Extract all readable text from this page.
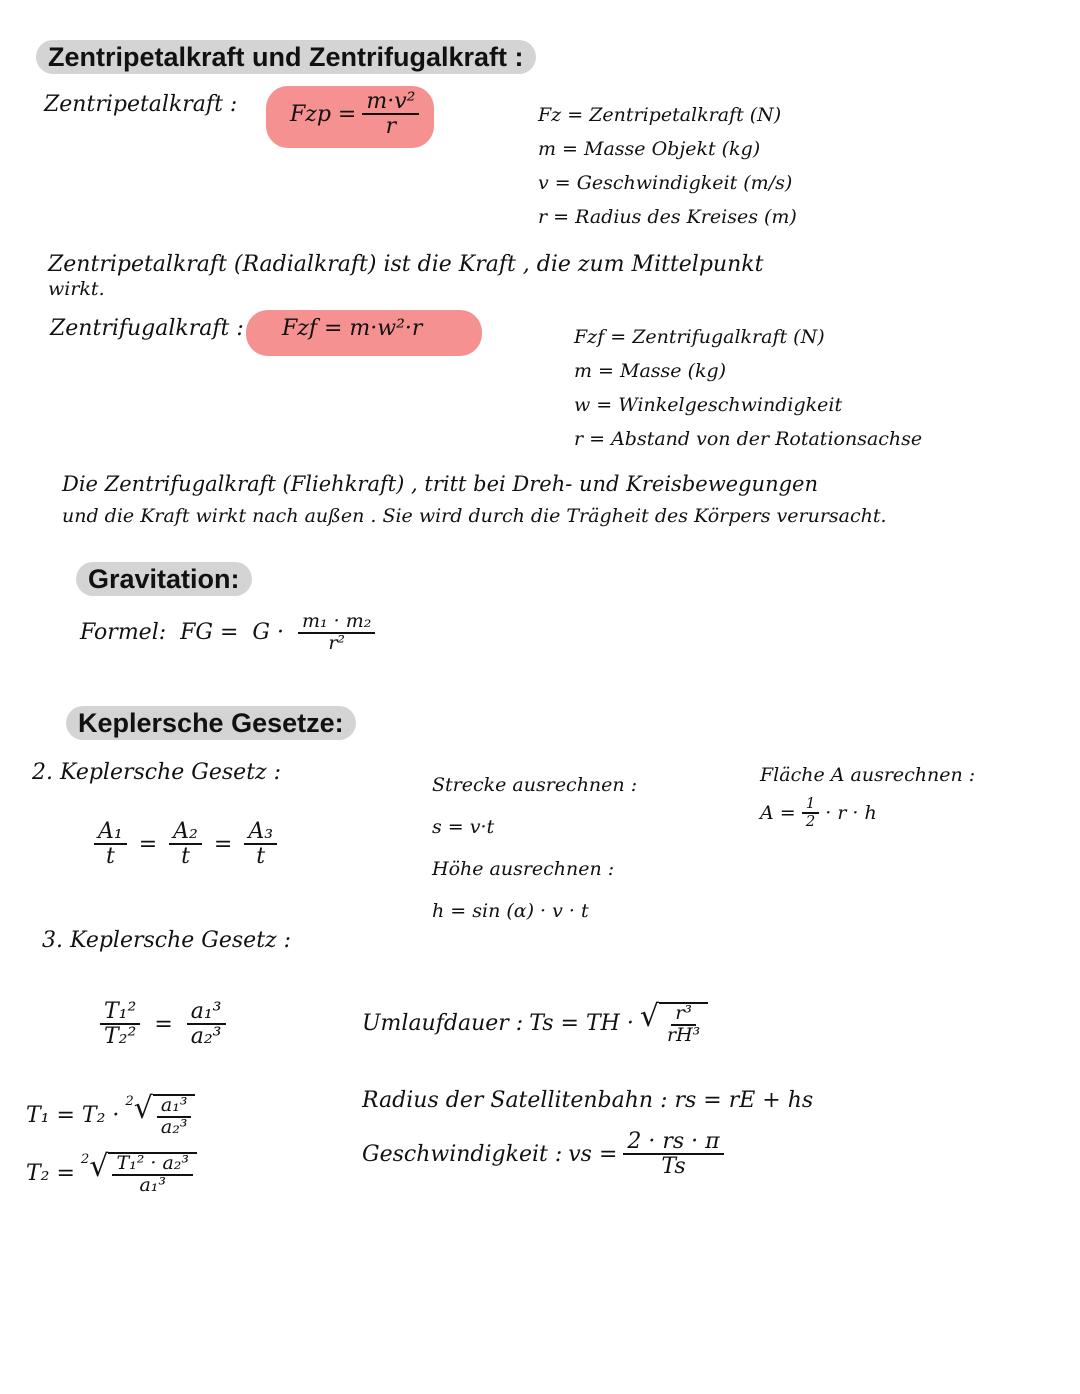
Zentripetalkraft und Zentrifugalkraft :
Zentripetalkraft : Fzp = $\frac{\text{m·v²}}{r}$	Fz = Zentripetalkraft (N)
m = Masse Objekt (kg)
v = Geschwindigkeit (m/s)
r = Radius des Kreises (m)
Zentripetalkraft (Radialkraft) ist die Kraft , die zum Mittelpunkt
wirkt.
Zentrifugalkraft : Fzf = m·w²·r	Fzf = Zentrifugalkraft (N)
m = Masse (kg)
w = Winkelgeschwindigkeit
r = Abstand von der Rotationsachse
Die Zentrifugalkraft (Fliehkraft) , tritt bei Dreh- und Kreisbewegungen
und die Kraft wirkt nach außen . Sie wird durch die Trägheit des Körpers verursacht.
Gravitation:
Formel: FG = $G \cdot \frac{\text{m₁ · m₂}}{\text{r²}}$
Keplersche Gesetze:
2. Keplersche Gesetz :
$\frac{\text{A₁}}{t} = \frac{\text{A₂}}{t} = \frac{\text{A₃}}{t}$
Strecke ausrechnen :
s = v·t
Höhe ausrechnen :
h = sin (α) · v · t
Fläche A ausrechnen :
$A = \frac{1}{2} \cdot r \cdot h$
3. Keplersche Gesetz :
$\frac{\text{T₁²}}{\text{T₂²}} = \frac{\text{a₁³}}{\text{a₂³}}$
T₁ = T₂ ·
2 √ $\frac{\text{a₁³}}{\text{a₂³}}$
T₂ =
2 √ $\frac{\text{T₁² · a₂³}}{\text{a₁³}}$
Umlaufdauer : Ts = TH · √ $\frac{\text{r³}}{\text{rH³}}$
Radius der Satellitenbahn : rs = rE + hs
Geschwindigkeit : vs = $\frac{2 \cdot rs \cdot \pi}{Ts}$
